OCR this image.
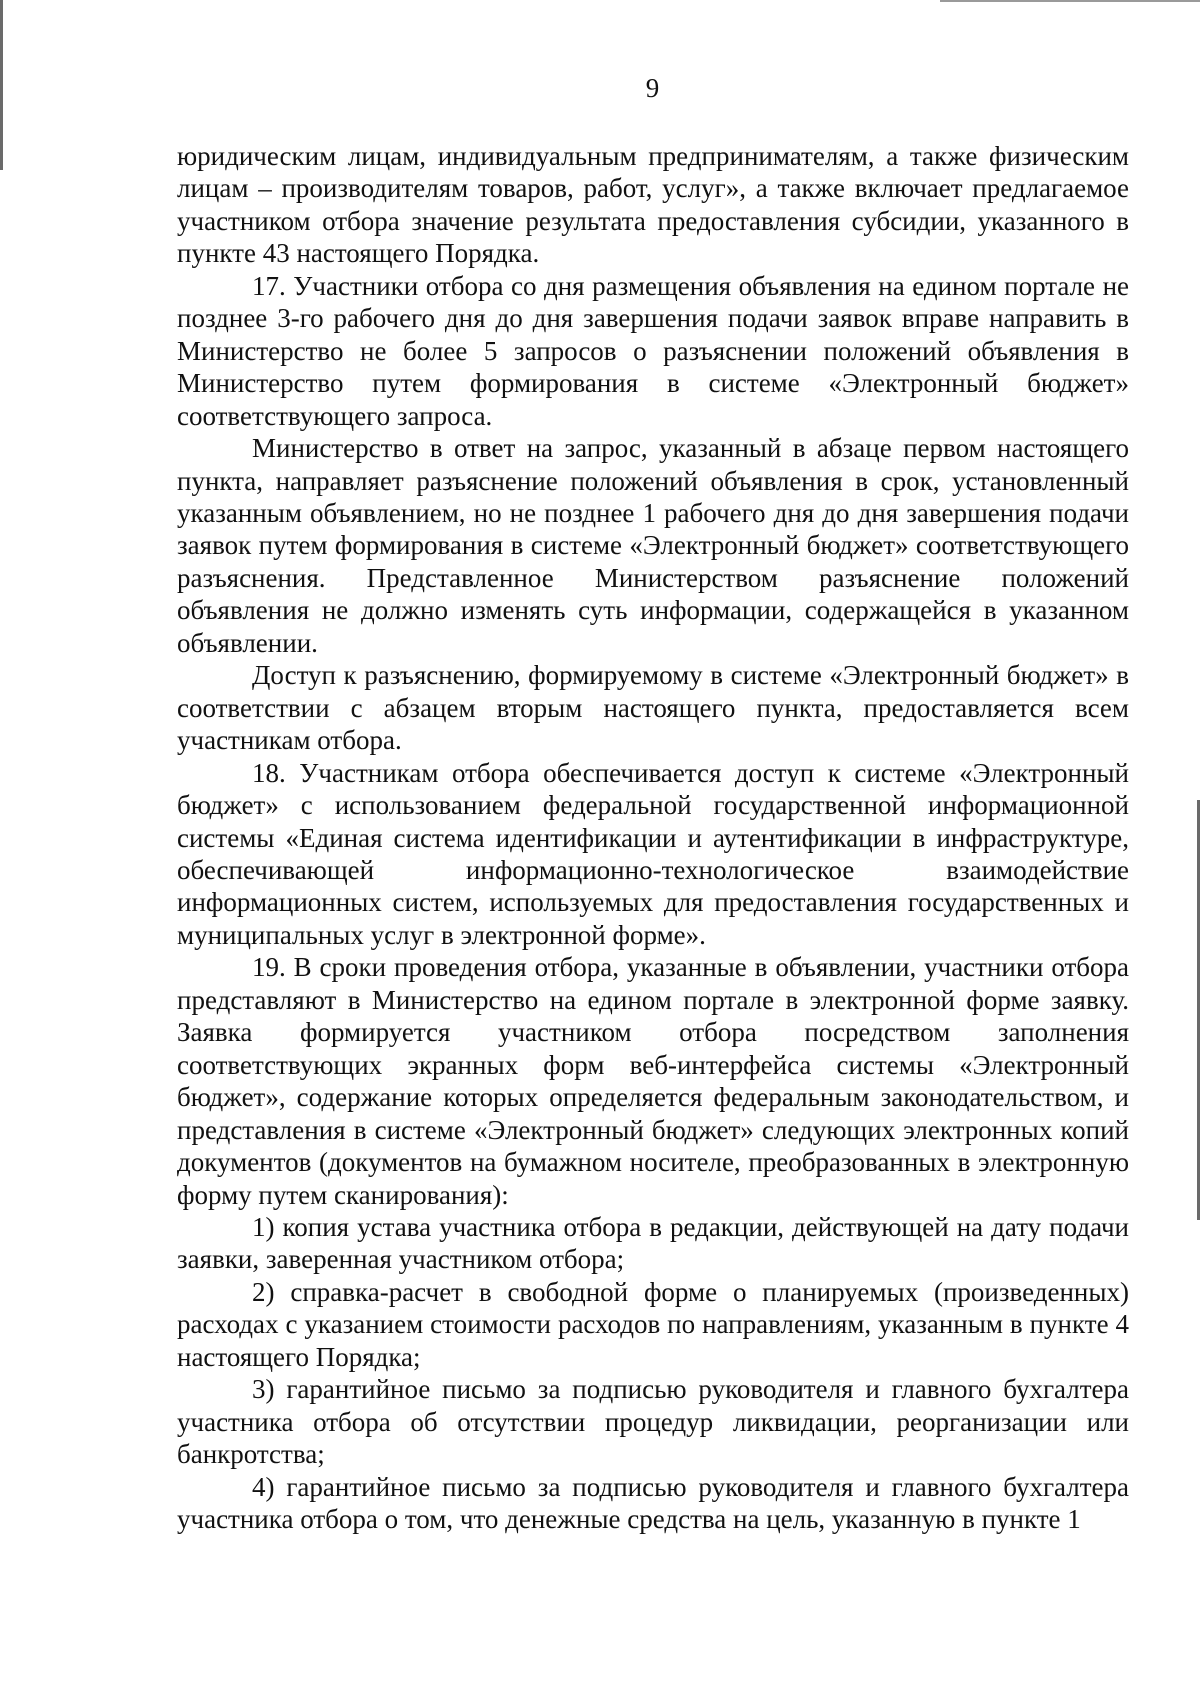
9

юридическим лицам, индивидуальным предпринимателям, а также физическим лицам – производителям товаров, работ, услуг», а также включает предлагаемое участником отбора значение результата предоставления субсидии, указанного в пункте 43 настоящего Порядка.

17. Участники отбора со дня размещения объявления на едином портале не позднее 3-го рабочего дня до дня завершения подачи заявок вправе направить в Министерство не более 5 запросов о разъяснении положений объявления в Министерство путем формирования в системе «Электронный бюджет» соответствующего запроса.

Министерство в ответ на запрос, указанный в абзаце первом настоящего пункта, направляет разъяснение положений объявления в срок, установленный указанным объявлением, но не позднее 1 рабочего дня до дня завершения подачи заявок путем формирования в системе «Электронный бюджет» соответствующего разъяснения. Представленное Министерством разъяснение положений объявления не должно изменять суть информации, содержащейся в указанном объявлении.

Доступ к разъяснению, формируемому в системе «Электронный бюджет» в соответствии с абзацем вторым настоящего пункта, предоставляется всем участникам отбора.

18. Участникам отбора обеспечивается доступ к системе «Электронный бюджет» с использованием федеральной государственной информационной системы «Единая система идентификации и аутентификации в инфраструктуре, обеспечивающей информационно-технологическое взаимодействие информационных систем, используемых для предоставления государственных и муниципальных услуг в электронной форме».

19. В сроки проведения отбора, указанные в объявлении, участники отбора представляют в Министерство на едином портале в электронной форме заявку. Заявка формируется участником отбора посредством заполнения соответствующих экранных форм веб-интерфейса системы «Электронный бюджет», содержание которых определяется федеральным законодательством, и представления в системе «Электронный бюджет» следующих электронных копий документов (документов на бумажном носителе, преобразованных в электронную форму путем сканирования):

1) копия устава участника отбора в редакции, действующей на дату подачи заявки, заверенная участником отбора;

2) справка-расчет в свободной форме о планируемых (произведенных) расходах с указанием стоимости расходов по направлениям, указанным в пункте 4 настоящего Порядка;

3) гарантийное письмо за подписью руководителя и главного бухгалтера участника отбора об отсутствии процедур ликвидации, реорганизации или банкротства;

4) гарантийное письмо за подписью руководителя и главного бухгалтера участника отбора о том, что денежные средства на цель, указанную в пункте 1
